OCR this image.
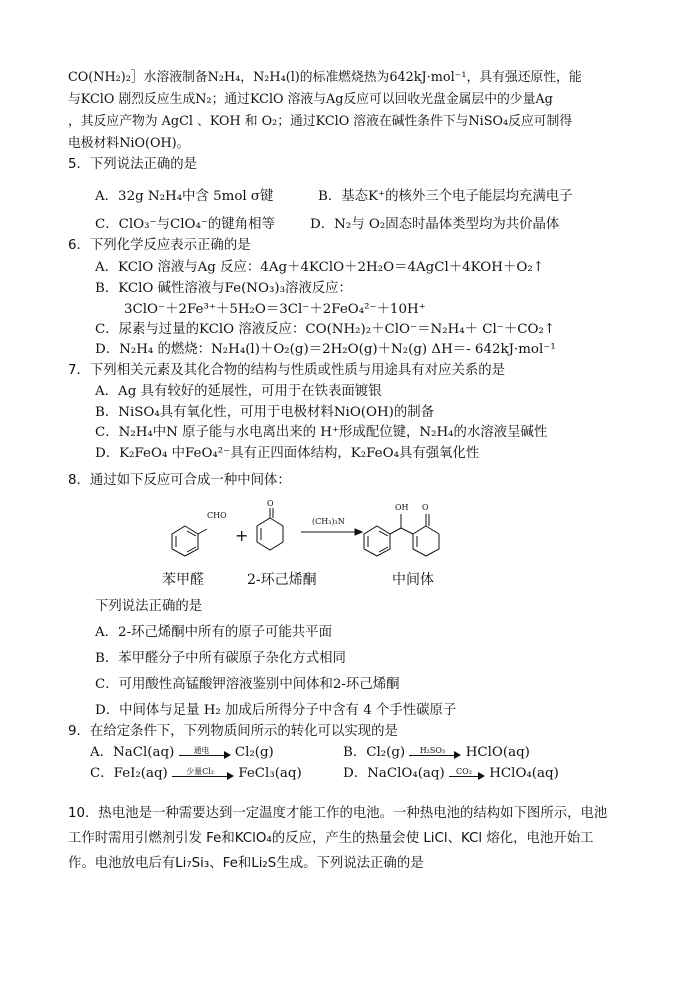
CO(NH₂)₂］水溶液制备N₂H₄，N₂H₄(l)的标准燃烧热为642kJ·mol⁻¹，具有强还原性，能
与KClO 剧烈反应生成N₂；通过KClO 溶液与Ag反应可以回收光盘金属层中的少量Ag
，其反应产物为 AgCl 、KOH 和 O₂；通过KClO 溶液在碱性条件下与NiSO₄反应可制得
电极材料NiO(OH)。
5．下列说法正确的是
A．32g N₂H₄中含 5mol σ键	B．基态K⁺的核外三个电子能层均充满电子
C．ClO₃⁻与ClO₄⁻的键角相等	D．N₂与 O₂固态时晶体类型均为共价晶体
6．下列化学反应表示正确的是
A．KClO 溶液与Ag 反应：4Ag＋4KClO＋2H₂O＝4AgCl＋4KOH＋O₂↑
B．KClO 碱性溶液与Fe(NO₃)₃溶液反应：
3ClO⁻＋2Fe³⁺＋5H₂O＝3Cl⁻＋2FeO₄²⁻＋10H⁺
C．尿素与过量的KClO 溶液反应：CO(NH₂)₂＋ClO⁻＝N₂H₄＋ Cl⁻＋CO₂↑
D．N₂H₄ 的燃烧：N₂H₄(l)＋O₂(g)＝2H₂O(g)＋N₂(g) ΔH＝- 642kJ·mol⁻¹
7．下列相关元素及其化合物的结构与性质或性质与用途具有对应关系的是
A．Ag 具有较好的延展性，可用于在铁表面镀银
B．NiSO₄具有氧化性，可用于电极材料NiO(OH)的制备
C．N₂H₄中N 原子能与水电离出来的 H⁺形成配位键，N₂H₄的水溶液呈碱性
D．K₂FeO₄ 中FeO₄²⁻具有正四面体结构，K₂FeO₄具有强氧化性
8．通过如下反应可合成一种中间体：
CHO
+
O
(CH₃)₃N
OH O
苯甲醛	2-环己烯酮	中间体
下列说法正确的是
A．2-环己烯酮中所有的原子可能共平面
B．苯甲醛分子中所有碳原子杂化方式相同
C．可用酸性高锰酸钾溶液鉴别中间体和2-环己烯酮
D．中间体与足量 H₂ 加成后所得分子中含有 4 个手性碳原子
9．在给定条件下，下列物质间所示的转化可以实现的是
A．NaCl(aq)	通电	Cl₂(g)	B．Cl₂(g)	H₂SO₃	HClO(aq)
C．FeI₂(aq)	少量Cl₂	FeCl₃(aq)	D．NaClO₄(aq)	CO₂	HClO₄(aq)
10．热电池是一种需要达到一定温度才能工作的电池。一种热电池的结构如下图所示，电池
工作时需用引燃剂引发 Fe和KClO₄的反应，产生的热量会使 LiCl、KCl 熔化，电池开始工
作。电池放电后有Li₇Si₃、Fe和Li₂S生成。下列说法正确的是
